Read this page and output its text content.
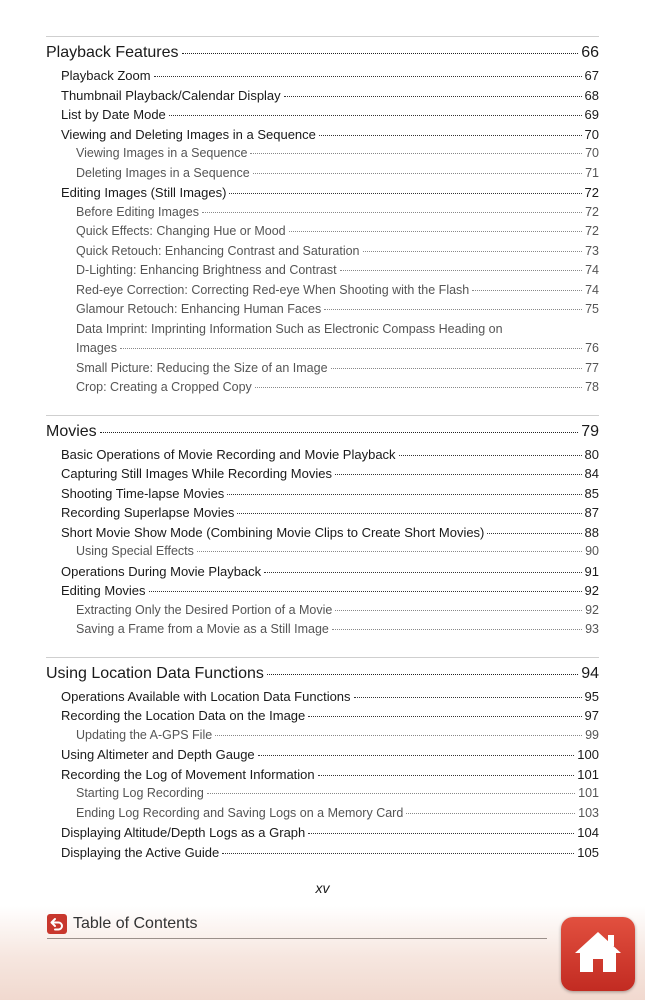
Playback Features	66
Playback Zoom	67
Thumbnail Playback/Calendar Display	68
List by Date Mode	69
Viewing and Deleting Images in a Sequence	70
Viewing Images in a Sequence	70
Deleting Images in a Sequence	71
Editing Images (Still Images)	72
Before Editing Images	72
Quick Effects: Changing Hue or Mood	72
Quick Retouch: Enhancing Contrast and Saturation	73
D-Lighting: Enhancing Brightness and Contrast	74
Red-eye Correction: Correcting Red-eye When Shooting with the Flash	74
Glamour Retouch: Enhancing Human Faces	75
Data Imprint: Imprinting Information Such as Electronic Compass Heading on
Images	76
Small Picture: Reducing the Size of an Image	77
Crop: Creating a Cropped Copy	78
Movies	79
Basic Operations of Movie Recording and Movie Playback	80
Capturing Still Images While Recording Movies	84
Shooting Time-lapse Movies	85
Recording Superlapse Movies	87
Short Movie Show Mode (Combining Movie Clips to Create Short Movies)	88
Using Special Effects	90
Operations During Movie Playback	91
Editing Movies	92
Extracting Only the Desired Portion of a Movie	92
Saving a Frame from a Movie as a Still Image	93
Using Location Data Functions	94
Operations Available with Location Data Functions	95
Recording the Location Data on the Image	97
Updating the A-GPS File	99
Using Altimeter and Depth Gauge	100
Recording the Log of Movement Information	101
Starting Log Recording	101
Ending Log Recording and Saving Logs on a Memory Card	103
Displaying Altitude/Depth Logs as a Graph	104
Displaying the Active Guide	105
xv
Table of Contents
